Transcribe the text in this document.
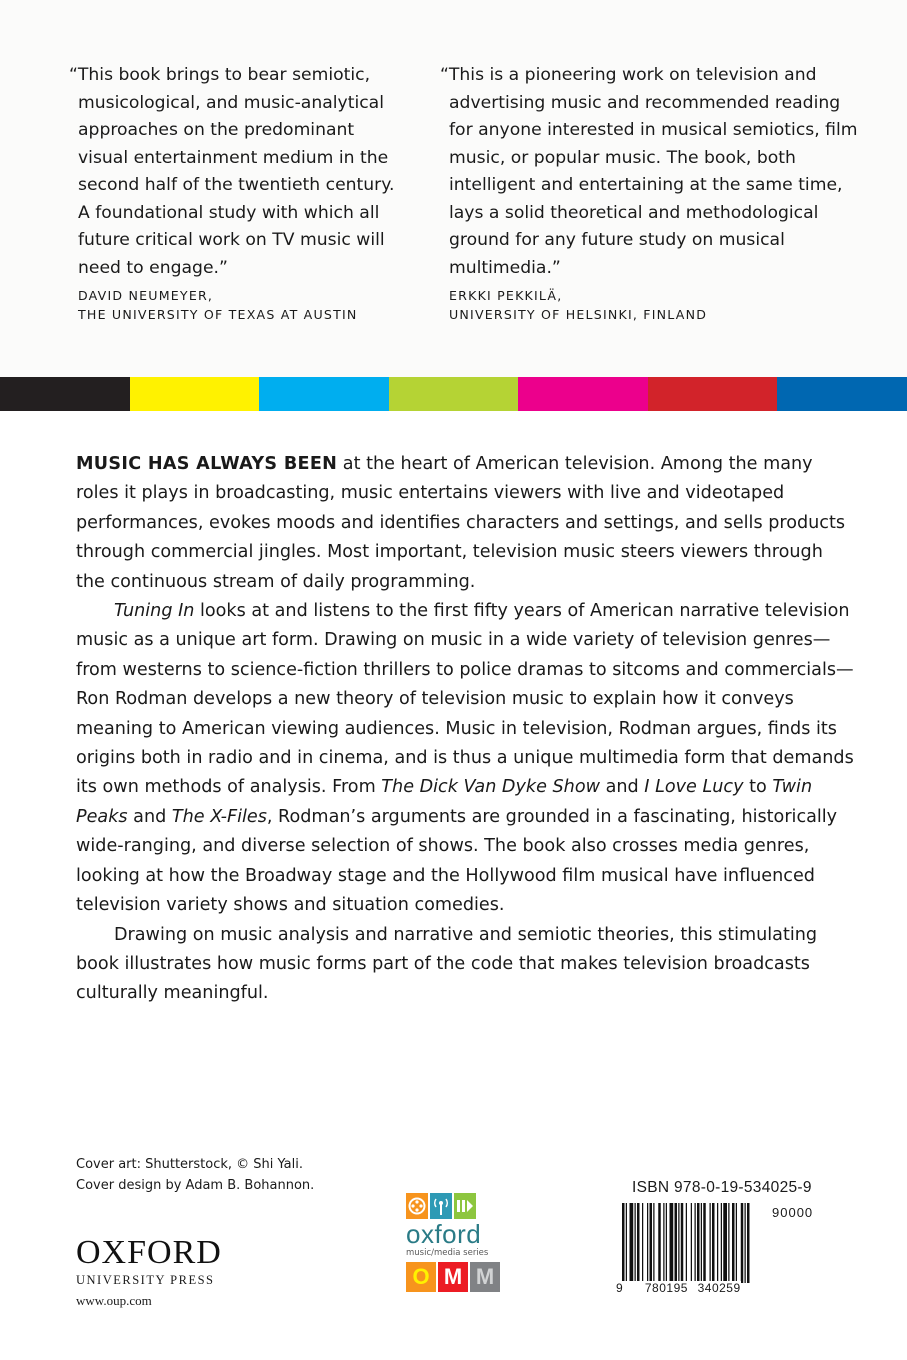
“This book brings to bear semiotic, musicological, and music-analytical approaches on the predominant visual entertainment medium in the second half of the twentieth century. A foundational study with which all future critical work on TV music will need to engage.”

DAVID NEUMEYER,
THE UNIVERSITY OF TEXAS AT AUSTIN

“This is a pioneering work on television and advertising music and recommended reading for anyone interested in musical semiotics, film music, or popular music. The book, both intelligent and entertaining at the same time, lays a solid theoretical and methodological ground for any future study on musical multimedia.”

ERKKI PEKKILÄ,
UNIVERSITY OF HELSINKI, FINLAND

MUSIC HAS ALWAYS BEEN at the heart of American television. Among the many roles it plays in broadcasting, music entertains viewers with live and videotaped performances, evokes moods and identifies characters and settings, and sells products through commercial jingles. Most important, television music steers viewers through the continuous stream of daily programming.

Tuning In looks at and listens to the first fifty years of American narrative television music as a unique art form. Drawing on music in a wide variety of television genres—from westerns to science-fiction thrillers to police dramas to sitcoms and commercials—Ron Rodman develops a new theory of television music to explain how it conveys meaning to American viewing audiences. Music in television, Rodman argues, finds its origins both in radio and in cinema, and is thus a unique multimedia form that demands its own methods of analysis. From The Dick Van Dyke Show and I Love Lucy to Twin Peaks and The X-Files, Rodman’s arguments are grounded in a fascinating, historically wide-ranging, and diverse selection of shows. The book also crosses media genres, looking at how the Broadway stage and the Hollywood film musical have influenced television variety shows and situation comedies.

Drawing on music analysis and narrative and semiotic theories, this stimulating book illustrates how music forms part of the code that makes television broadcasts culturally meaningful.

Cover art: Shutterstock, © Shi Yali.
Cover design by Adam B. Bohannon.
OXFORD
UNIVERSITY PRESS
www.oup.com
oxford
music/media series
O M M
ISBN 978-0-19-534025-9
90000
9 780195 340259
